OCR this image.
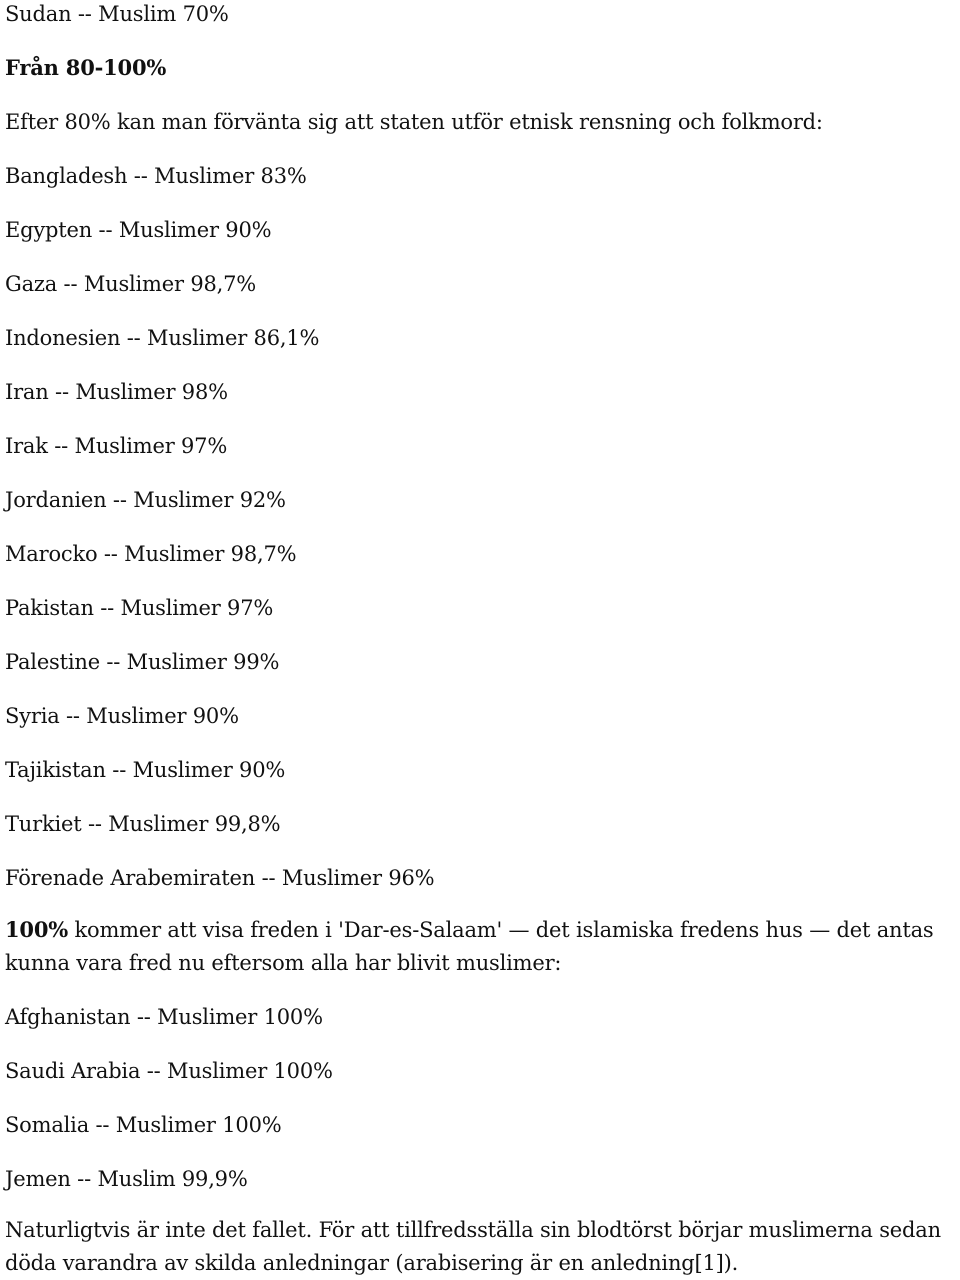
Sudan -- Muslim 70%

Från 80-100%

Efter 80% kan man förvänta sig att staten utför etnisk rensning och folkmord:

Bangladesh -- Muslimer 83%

Egypten -- Muslimer 90%

Gaza -- Muslimer 98,7%

Indonesien -- Muslimer 86,1%

Iran -- Muslimer 98%

Irak -- Muslimer 97%

Jordanien -- Muslimer 92%

Marocko -- Muslimer 98,7%

Pakistan -- Muslimer 97%

Palestine -- Muslimer 99%

Syria -- Muslimer 90%

Tajikistan -- Muslimer 90%

Turkiet -- Muslimer 99,8%

Förenade Arabemiraten -- Muslimer 96%

100% kommer att visa freden i 'Dar-es-Salaam' — det islamiska fredens hus — det antas kunna vara fred nu eftersom alla har blivit muslimer:

Afghanistan -- Muslimer 100%

Saudi Arabia -- Muslimer 100%

Somalia -- Muslimer 100%

Jemen -- Muslim 99,9%

Naturligtvis är inte det fallet. För att tillfredsställa sin blodtörst börjar muslimerna sedan döda varandra av skilda anledningar (arabisering är en anledning[1]).
